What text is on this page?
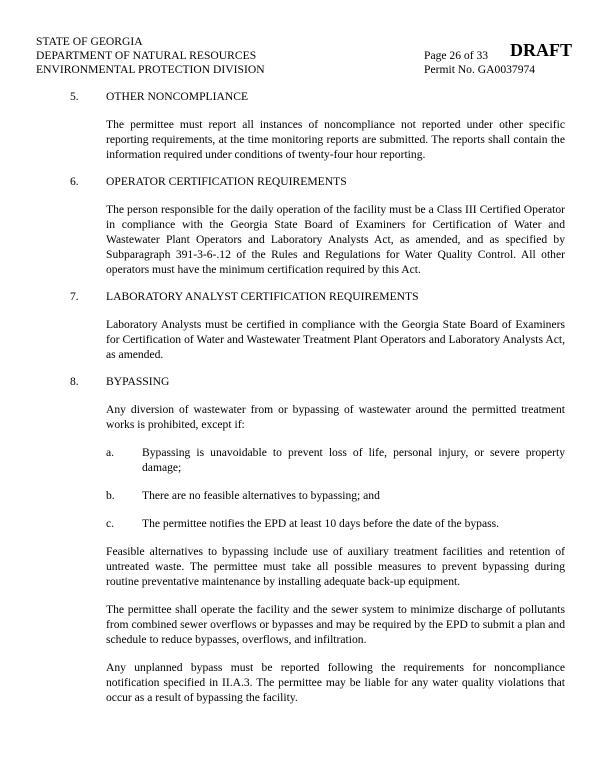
STATE OF GEORGIA
DEPARTMENT OF NATURAL RESOURCES
ENVIRONMENTAL PROTECTION DIVISION
Page 26 of 33
Permit No. GA0037974
DRAFT
5.	OTHER NONCOMPLIANCE
The permittee must report all instances of noncompliance not reported under other specific reporting requirements, at the time monitoring reports are submitted. The reports shall contain the information required under conditions of twenty-four hour reporting.
6.	OPERATOR CERTIFICATION REQUIREMENTS
The person responsible for the daily operation of the facility must be a Class III Certified Operator in compliance with the Georgia State Board of Examiners for Certification of Water and Wastewater Plant Operators and Laboratory Analysts Act, as amended, and as specified by Subparagraph 391-3-6-.12 of the Rules and Regulations for Water Quality Control. All other operators must have the minimum certification required by this Act.
7.	LABORATORY ANALYST CERTIFICATION REQUIREMENTS
Laboratory Analysts must be certified in compliance with the Georgia State Board of Examiners for Certification of Water and Wastewater Treatment Plant Operators and Laboratory Analysts Act, as amended.
8.	BYPASSING
Any diversion of wastewater from or bypassing of wastewater around the permitted treatment works is prohibited, except if:
a.	Bypassing is unavoidable to prevent loss of life, personal injury, or severe property damage;
b.	There are no feasible alternatives to bypassing; and
c.	The permittee notifies the EPD at least 10 days before the date of the bypass.
Feasible alternatives to bypassing include use of auxiliary treatment facilities and retention of untreated waste. The permittee must take all possible measures to prevent bypassing during routine preventative maintenance by installing adequate back-up equipment.
The permittee shall operate the facility and the sewer system to minimize discharge of pollutants from combined sewer overflows or bypasses and may be required by the EPD to submit a plan and schedule to reduce bypasses, overflows, and infiltration.
Any unplanned bypass must be reported following the requirements for noncompliance notification specified in II.A.3. The permittee may be liable for any water quality violations that occur as a result of bypassing the facility.
